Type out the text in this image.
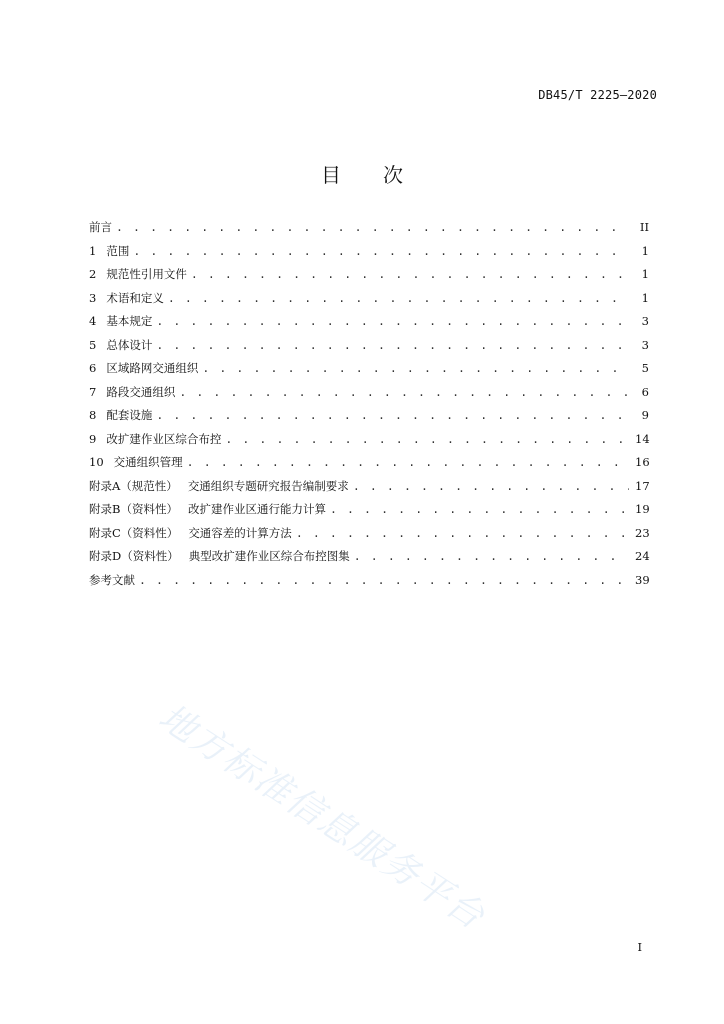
DB45/T 2225—2020
目 次
前言 . . .	II
1 范围 . . .	1
2 规范性引用文件 . . .	1
3 术语和定义 . . .	1
4 基本规定 . . .	3
5 总体设计 . . .	3
6 区域路网交通组织 . . .	5
7 路段交通组织 . . .	6
8 配套设施 . . .	9
9 改扩建作业区综合布控 . . .	14
10 交通组织管理 . . .	16
附录A（规范性） 交通组织专题研究报告编制要求 . . .	17
附录B（资料性） 改扩建作业区通行能力计算 . . .	19
附录C（资料性） 交通容差的计算方法 . . .	23
附录D（资料性） 典型改扩建作业区综合布控图集 . . .	24
参考文献 . . .	39
地方标准信息服务平台
I
